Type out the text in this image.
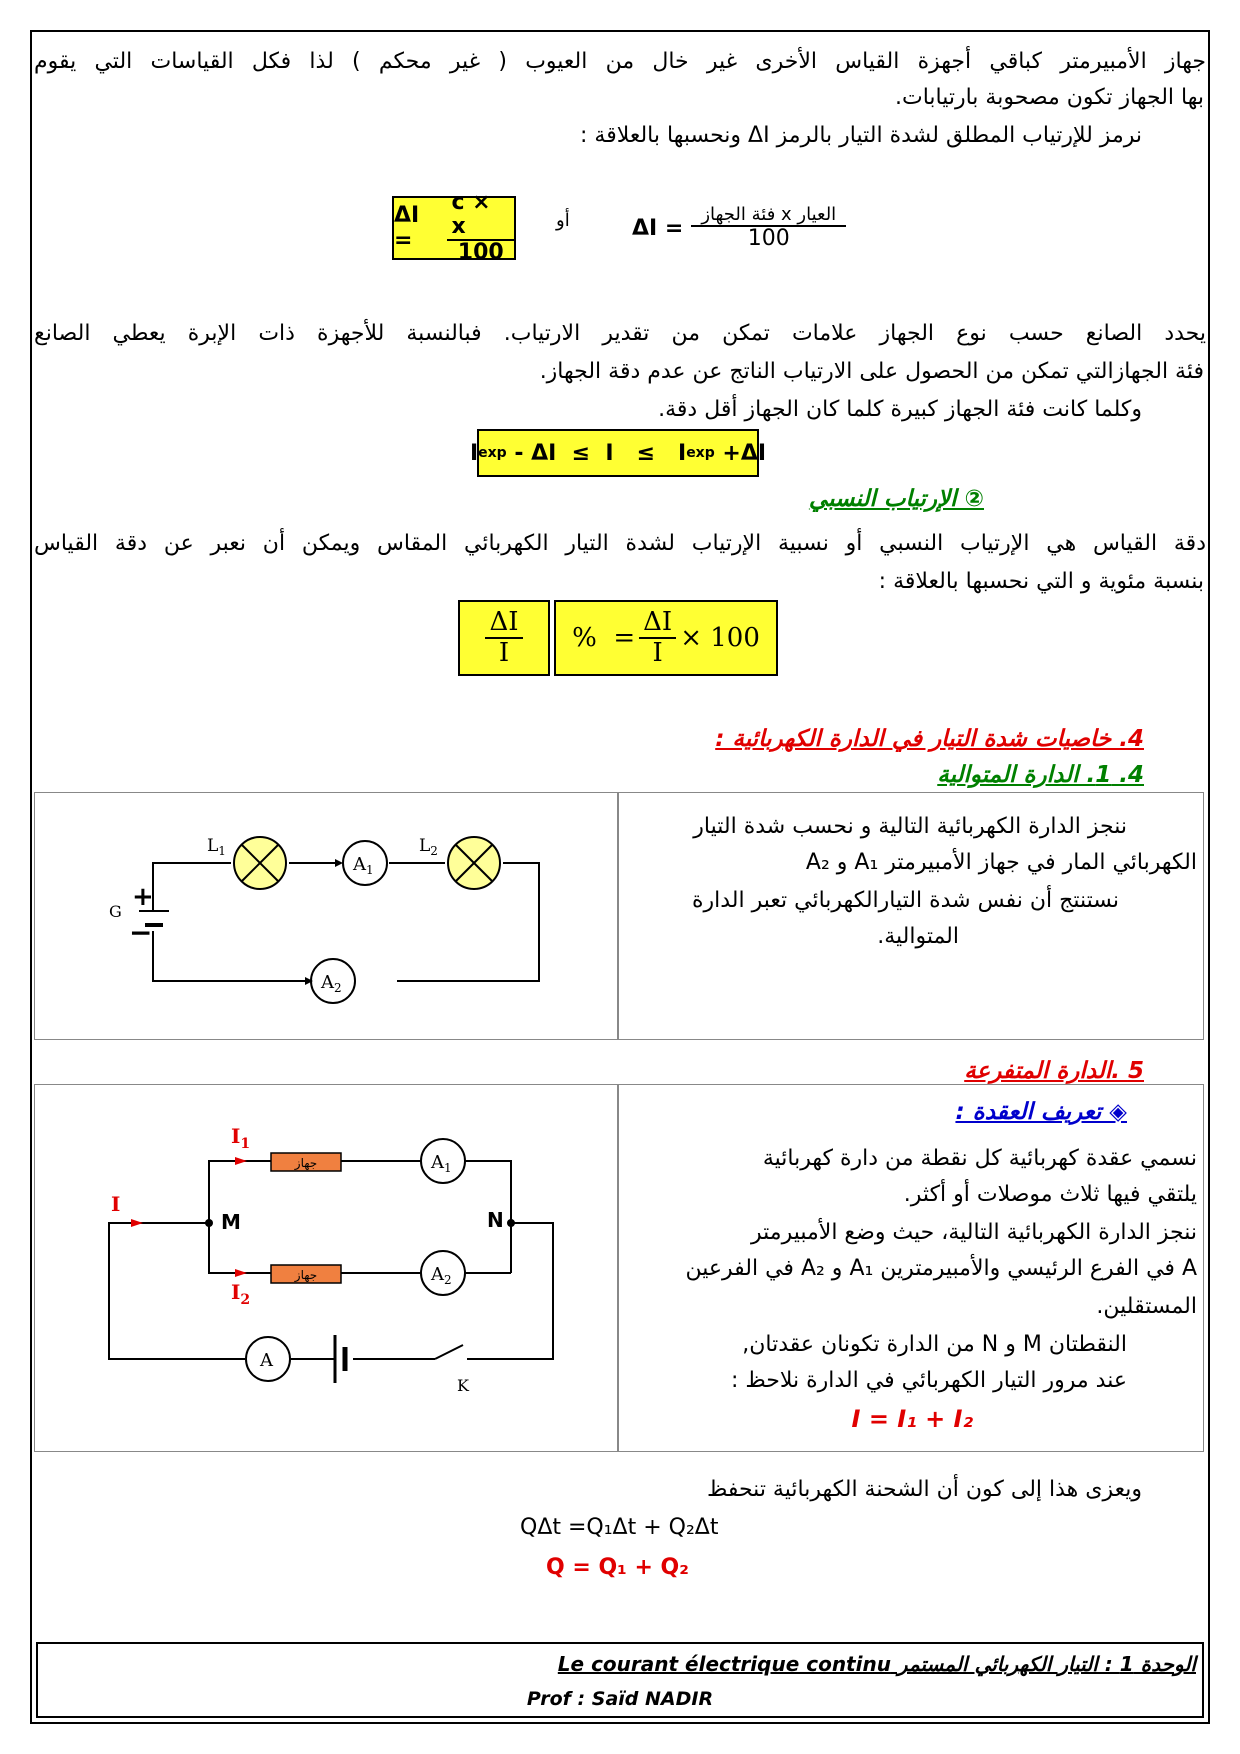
جهاز الأمبيرمتر كباقي أجهزة القياس الأخرى غير خال من العيوب ( غير محكم ) لذا فكل القياسات التي يقوم
بها الجهاز تكون مصحوبة بارتيابات.
نرمز للإرتياب المطلق لشدة التيار بالرمز ΔI ونحسبها بالعلاقة :
ΔI =	$\frac{c \times x}{100}$ أو	$\Delta I = \frac{\text{العيار x فئة الجهاز}}{100}$
يحدد الصانع حسب نوع الجهاز علامات تمكن من تقدير الارتياب. فبالنسبة للأجهزة ذات الإبرة يعطي الصانع
فئة الجهازالتي تمكن من الحصول على الارتياب الناتج عن عدم دقة الجهاز.
وكلما كانت فئة الجهاز كبيرة كلما كان الجهاز أقل دقة.
I exp - ΔI  ≤  I   ≤   I exp +ΔI
② الإرتياب النسبي
دقة القياس هي الإرتياب النسبي أو نسبية الإرتياب لشدة التيار الكهربائي المقاس ويمكن أن نعبر عن دقة القياس
بنسبة مئوية و التي نحسبها بالعلاقة :
$\frac{\Delta I}{I}$ %  = $\frac{\Delta I}{I} \times 100$
4. خاصيات شدة التيار في الدارة الكهربائية :
4. 1. الدارة المتوالية
+
−
G
$L_1$
$A_1$
$L_2$
$A_2$
ننجز الدارة الكهربائية التالية و نحسب شدة التيار
الكهربائي المار في جهاز الأمبيرمتر A₁ و A₂
نستنتج أن نفس شدة التيارالكهربائي تعبر الدارة
المتوالية.
5 .الدارة المتفرعة
I
$I_1$
$I_2$
M	N
جهاز
جهاز
$A_1$
$A_2$
A
K
◈ تعريف العقدة :
نسمي عقدة كهربائية كل نقطة من دارة كهربائية
يلتقي فيها ثلاث موصلات أو أكثر.
ننجز الدارة الكهربائية التالية، حيث وضع الأمبيرمتر
A في الفرع الرئيسي والأمبيرمترين A₁ و A₂ في الفرعين
المستقلين.
النقطتان M و N من الدارة تكونان عقدتان,
عند مرور التيار الكهربائي في الدارة نلاحظ :
I = I₁ + I₂
ويعزى هذا إلى كون أن الشحنة الكهربائية تنحفظ
QΔt =Q₁Δt + Q₂Δt
Q = Q₁ + Q₂
الوحدة 1 : التيار الكهربائي المستمر Le courant électrique continu
Prof : Saïd NADIR
